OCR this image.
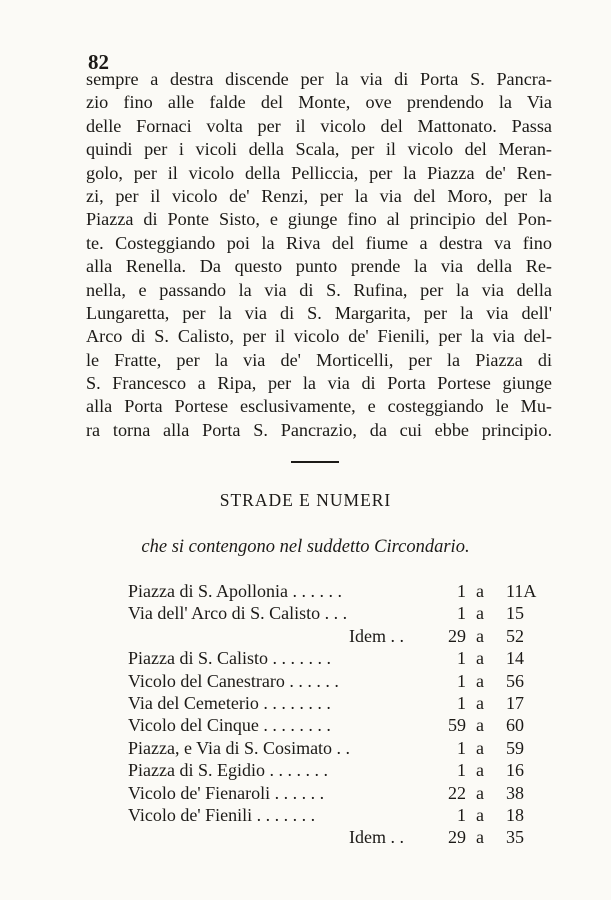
82
sempre a destra discende per la via di Porta S. Pancra-
zio fino alle falde del Monte, ove prendendo la Via
delle Fornaci volta per il vicolo del Mattonato. Passa
quindi per i vicoli della Scala, per il vicolo del Meran-
golo, per il vicolo della Pelliccia, per la Piazza de' Ren-
zi, per il vicolo de' Renzi, per la via del Moro, per la
Piazza di Ponte Sisto, e giunge fino al principio del Pon-
te. Costeggiando poi la Riva del fiume a destra va fino
alla Renella. Da questo punto prende la via della Re-
nella, e passando la via di S. Rufina, per la via della
Lungaretta, per la via di S. Margarita, per la via dell'
Arco di S. Calisto, per il vicolo de' Fienili, per la via del-
le Fratte, per la via de' Morticelli, per la Piazza di
S. Francesco a Ripa, per la via di Porta Portese giunge
alla Porta Portese esclusivamente, e costeggiando le Mu-
ra torna alla Porta S. Pancrazio, da cui ebbe principio.
STRADE E NUMERI
che si contengono nel suddetto Circondario.
Piazza di S. Apollonia . . . . . .	1 a 11A
Via dell' Arco di S. Calisto . . .	1 a 15
Idem . . 29 a 52
Piazza di S. Calisto . . . . . . .	1 a 14
Vicolo del Canestraro . . . . . .	1 a 56
Via del Cemeterio . . . . . . . .	1 a 17
Vicolo del Cinque . . . . . . . .	59 a 60
Piazza, e Via di S. Cosimato . .	1 a 59
Piazza di S. Egidio . . . . . . .	1 a 16
Vicolo de' Fienaroli . . . . . .	22 a 38
Vicolo de' Fienili . . . . . . .	1 a 18
Idem . . 29 a 35
